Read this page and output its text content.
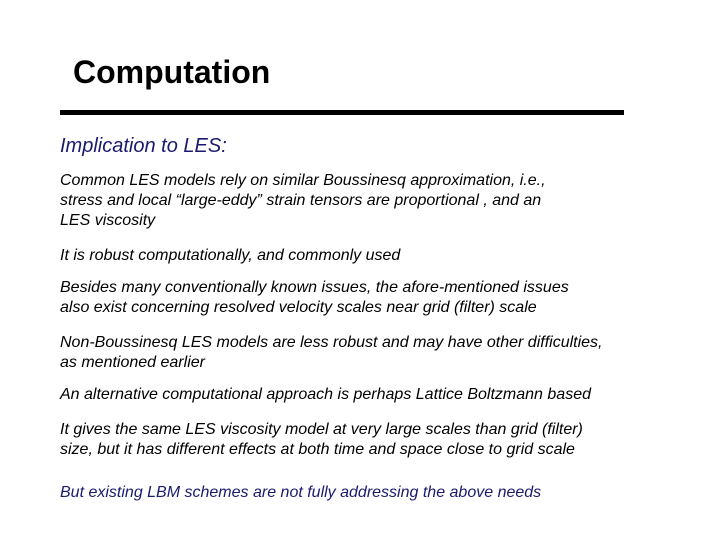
Computation
Implication to LES:
Common LES models rely on similar Boussinesq approximation, i.e.,
stress and local “large-eddy” strain tensors are proportional , and an
LES viscosity
It is robust computationally, and commonly used
Besides many conventionally known issues, the afore-mentioned issues
also exist concerning resolved velocity scales near grid (filter) scale
Non-Boussinesq LES models are less robust and may have other difficulties,
as mentioned earlier
An alternative computational approach is perhaps Lattice Boltzmann based
It gives the same LES viscosity model at very large scales than grid (filter)
size, but it has different effects at both time and space close to grid scale
But existing LBM schemes are not fully addressing the above needs
